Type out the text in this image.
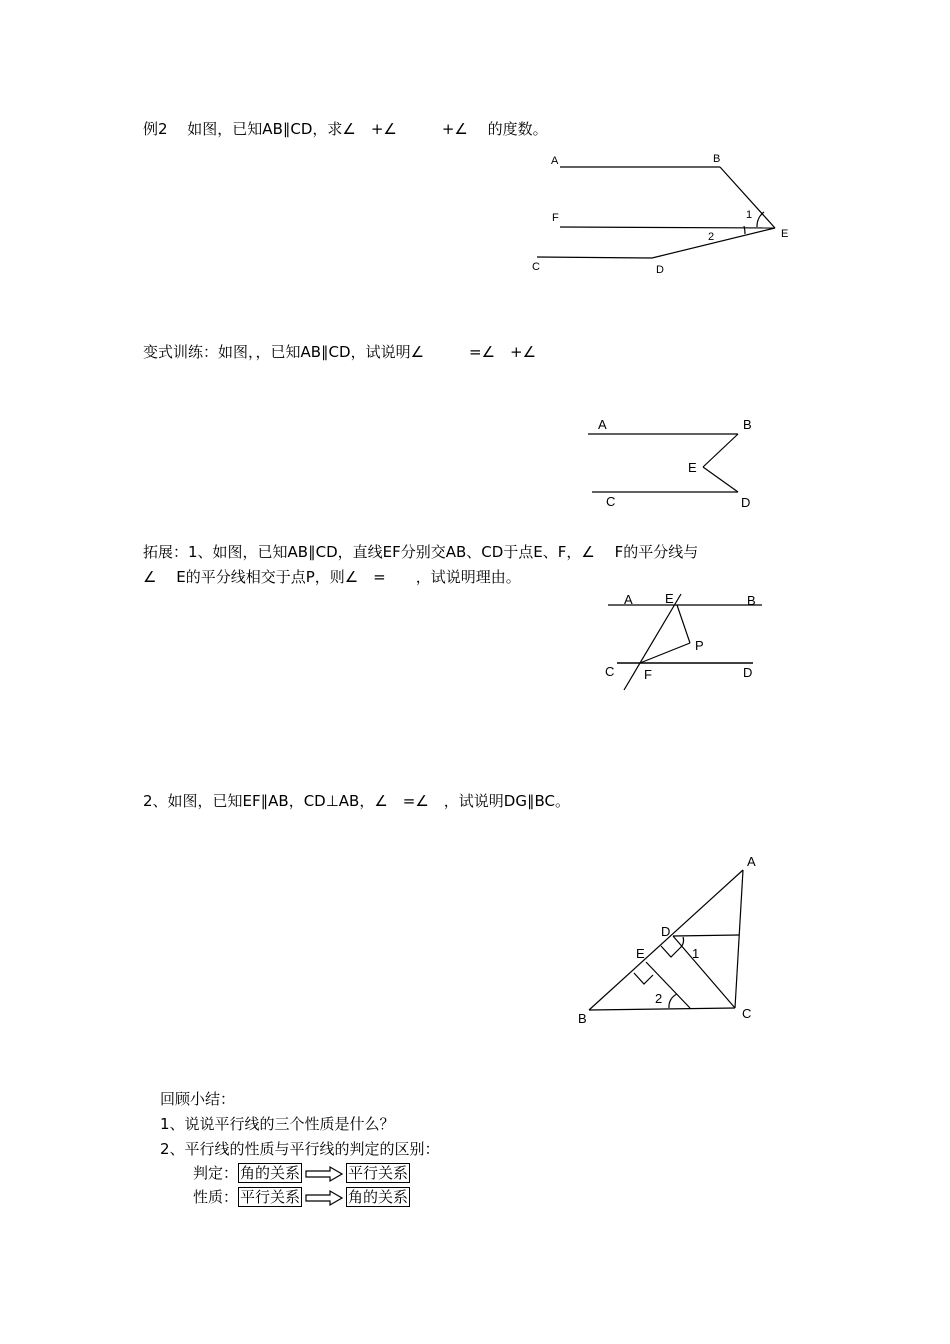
例2　 如图，已知AB∥CD，求∠　+∠　　　+∠　 的度数。
变式训练：如图，，已知AB∥CD，试说明∠　　　=∠　+∠
拓展：1、如图，已知AB∥CD，直线EF分别交AB、CD于点E、F，∠　 F的平分线与
∠　 E的平分线相交于点P，则∠　=　　，试说明理由。
2、如图，已知EF∥AB，CD⊥AB，∠　=∠　，试说明DG∥BC。
回顾小结：
1、说说平行线的三个性质是什么？
2、平行线的性质与平行线的判定的区别：
判定： 角的关系	平行关系
性质： 平行关系	角的关系
A	B
F	1
E
2
C	D
A	B
E
C	D
A E	B
P
C F	D
A
D
E	1
2
B	C
